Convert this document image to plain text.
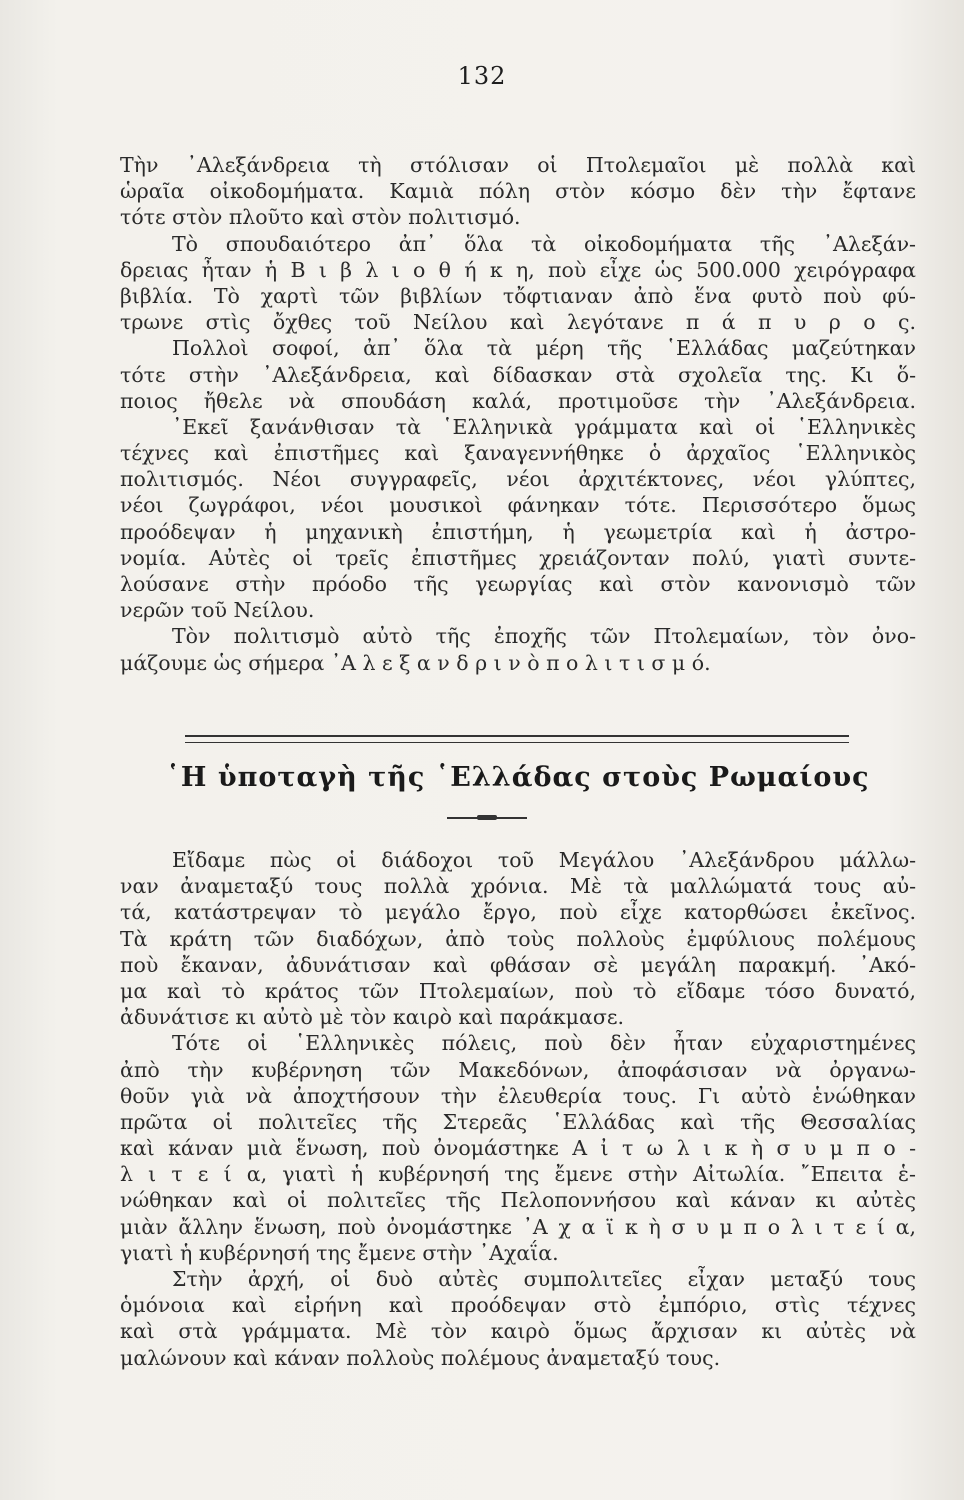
132
Τὴν ᾿Αλεξάνδρεια τὴ στόλισαν οἱ Πτολεμαῖοι μὲ πολλὰ καὶ
ὡραῖα οἰκοδομήματα. Καμιὰ πόλη στὸν κόσμο δὲν τὴν ἔφτανε
τότε στὸν πλοῦτο καὶ στὸν πολιτισμό.
Τὸ σπουδαιότερο ἀπ᾿ ὅλα τὰ οἰκοδομήματα τῆς ᾿Αλεξάν-
δρειας ἦταν ἡ Β ι β λ ι ο θ ή κ η, ποὺ εἶχε ὡς 500.000 χειρόγραφα
βιβλία. Τὸ χαρτὶ τῶν βιβλίων τὄφτιαναν ἀπὸ ἕνα φυτὸ ποὺ φύ-
τρωνε στὶς ὄχθες τοῦ Νείλου καὶ λεγότανε π ά π υ ρ ο ς.
Πολλοὶ σοφοί, ἀπ᾿ ὅλα τὰ μέρη τῆς ῾Ελλάδας μαζεύτηκαν
τότε στὴν ᾿Αλεξάνδρεια, καὶ δίδασκαν στὰ σχολεῖα της. Κι ὅ-
ποιος ἤθελε νὰ σπουδάση καλά, προτιμοῦσε τὴν ᾿Αλεξάνδρεια.
᾿Εκεῖ ξανάνθισαν τὰ ῾Ελληνικὰ γράμματα καὶ οἱ ῾Ελληνικὲς
τέχνες καὶ ἐπιστῆμες καὶ ξαναγεννήθηκε ὁ ἀρχαῖος ῾Ελληνικὸς
πολιτισμός. Νέοι συγγραφεῖς, νέοι ἀρχιτέκτονες, νέοι γλύπτες,
νέοι ζωγράφοι, νέοι μουσικοὶ φάνηκαν τότε. Περισσότερο ὅμως
προόδεψαν ἡ μηχανικὴ ἐπιστήμη, ἡ γεωμετρία καὶ ἡ ἀστρο-
νομία. Αὐτὲς οἱ τρεῖς ἐπιστῆμες χρειάζονταν πολύ, γιατὶ συντε-
λούσανε στὴν πρόοδο τῆς γεωργίας καὶ στὸν κανονισμὸ τῶν
νερῶν τοῦ Νείλου.
Τὸν πολιτισμὸ αὐτὸ τῆς ἐποχῆς τῶν Πτολεμαίων, τὸν ὀνο-
μάζουμε ὡς σήμερα ᾿Α λ ε ξ α ν δ ρ ι ν ὸ π ο λ ι τ ι σ μ ό.
῾Η ὑποταγὴ τῆς ῾Ελλάδας στοὺς Ρωμαίους
Εἴδαμε πὼς οἱ διάδοχοι τοῦ Μεγάλου ᾿Αλεξάνδρου μάλλω-
ναν ἀναμεταξύ τους πολλὰ χρόνια. Μὲ τὰ μαλλώματά τους αὐ-
τά, κατάστρεψαν τὸ μεγάλο ἔργο, ποὺ εἶχε κατορθώσει ἐκεῖνος.
Τὰ κράτη τῶν διαδόχων, ἀπὸ τοὺς πολλοὺς ἐμφύλιους πολέμους
ποὺ ἔκαναν, ἀδυνάτισαν καὶ φθάσαν σὲ μεγάλη παρακμή. ᾿Ακό-
μα καὶ τὸ κράτος τῶν Πτολεμαίων, ποὺ τὸ εἴδαμε τόσο δυνατό,
ἀδυνάτισε κι αὐτὸ μὲ τὸν καιρὸ καὶ παράκμασε.
Τότε οἱ ῾Ελληνικὲς πόλεις, ποὺ δὲν ἦταν εὐχαριστημένες
ἀπὸ τὴν κυβέρνηση τῶν Μακεδόνων, ἀποφάσισαν νὰ ὀργανω-
θοῦν γιὰ νὰ ἀποχτήσουν τὴν ἐλευθερία τους. Γι αὐτὸ ἑνώθηκαν
πρῶτα οἱ πολιτεῖες τῆς Στερεᾶς ῾Ελλάδας καὶ τῆς Θεσσαλίας
καὶ κάναν μιὰ ἕνωση, ποὺ ὀνομάστηκε Α ἰ τ ω λ ι κ ὴ σ υ μ π ο -
λ ι τ ε ί α, γιατὶ ἡ κυβέρνησή της ἔμενε στὴν Αἰτωλία. ῎Επειτα ἑ-
νώθηκαν καὶ οἱ πολιτεῖες τῆς Πελοποννήσου καὶ κάναν κι αὐτὲς
μιὰν ἄλλην ἕνωση, ποὺ ὀνομάστηκε ᾿Α χ α ϊ κ ὴ σ υ μ π ο λ ι τ ε ί α,
γιατὶ ἡ κυβέρνησή της ἔμενε στὴν ᾿Αχαΐα.
Στὴν ἀρχή, οἱ δυὸ αὐτὲς συμπολιτεῖες εἶχαν μεταξύ τους
ὁμόνοια καὶ εἰρήνη καὶ προόδεψαν στὸ ἐμπόριο, στὶς τέχνες
καὶ στὰ γράμματα. Μὲ τὸν καιρὸ ὅμως ἄρχισαν κι αὐτὲς νὰ
μαλώνουν καὶ κάναν πολλοὺς πολέμους ἀναμεταξύ τους.
